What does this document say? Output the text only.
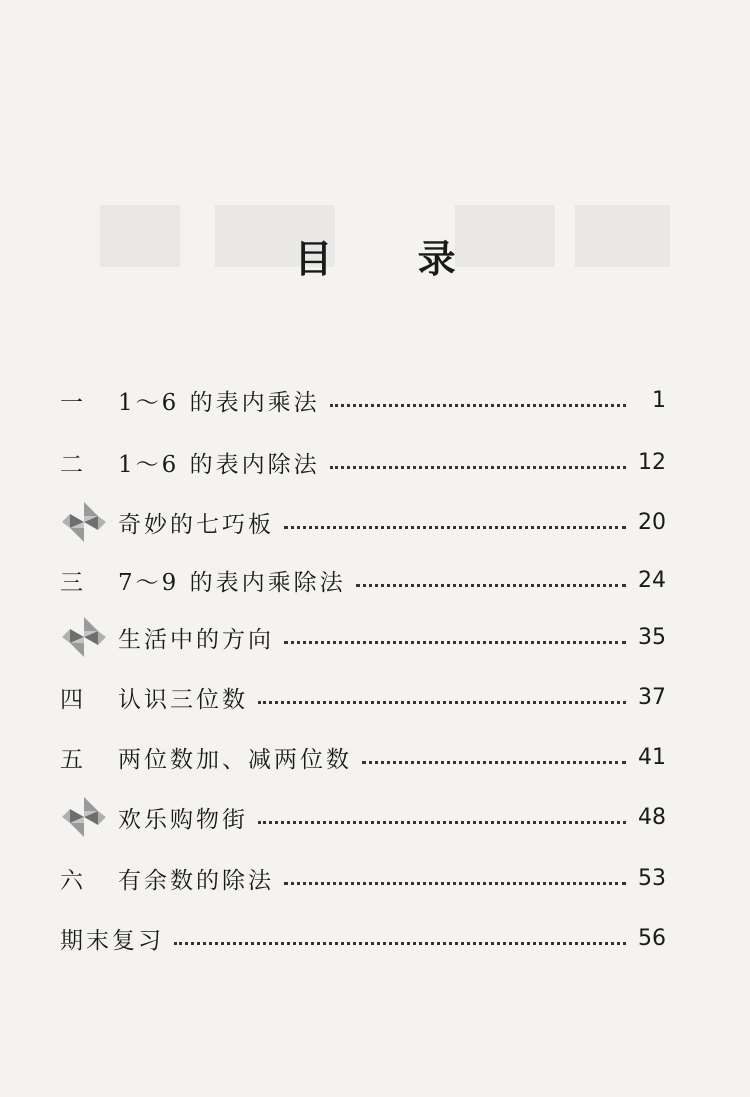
目 录
一	1～6 的表内乘法	1
二	1～6 的表内除法	12
奇妙的七巧板	20
三	7～9 的表内乘除法	24
生活中的方向	35
四	认识三位数	37
五	两位数加、减两位数	41
欢乐购物街	48
六	有余数的除法	53
期末复习	56
